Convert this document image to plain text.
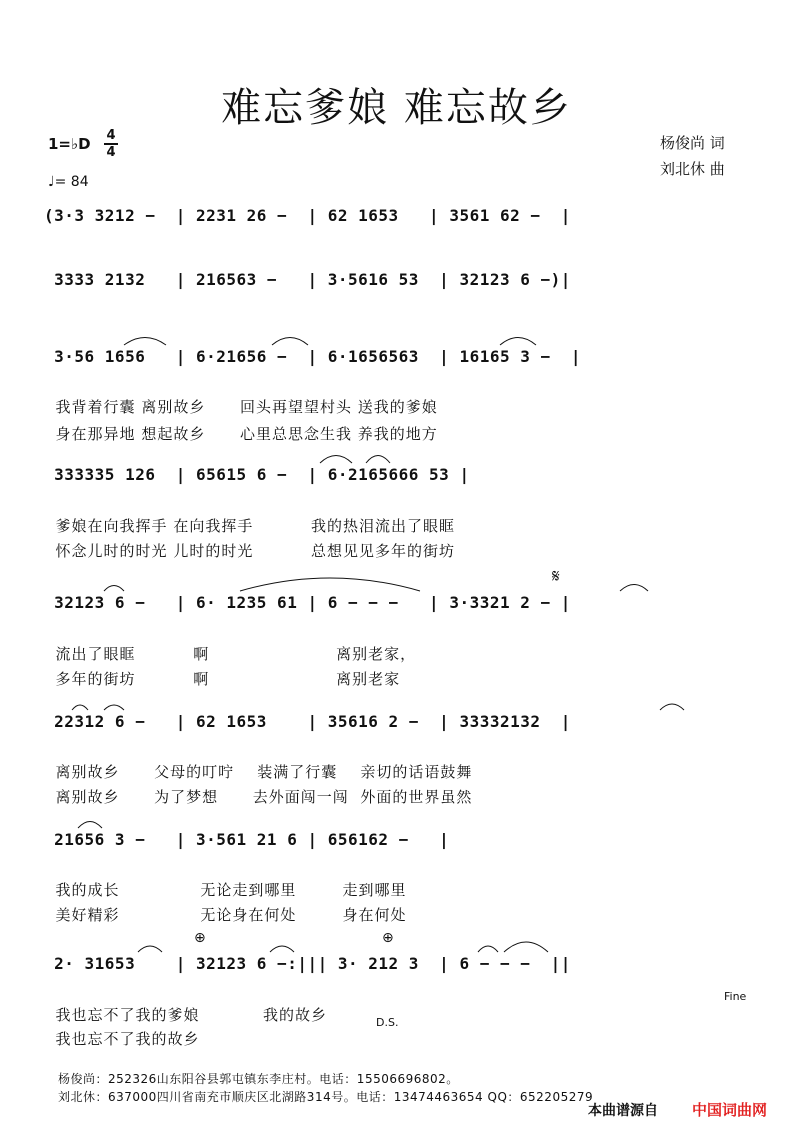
难忘爹娘 难忘故乡
杨俊尚 词
刘北休 曲
1=♭D 4
4
♩= 84
(3·3 3212 −  | 2231 26 −  | 62 1653   | 3561 62 −  |
3333 2132   | 216563 −   | 3·5616 53  | 32123 6 −)|
3·56 1656   | 6·21656 −  | 6·1656563  | 16165 3 −  |

我背着行囊 离别故乡 回头再望望村头 送我的爹娘

身在那异地 想起故乡 心里总思念生我 养我的地方

333335 126  | 65615 6 −  | 6·2165666 53 |

爹娘在向我挥手 在向我挥手	我的热泪流出了眼眶

怀念儿时的时光 儿时的时光	总想见见多年的街坊

32123 6 −   | 6· 1235 61 | 6 − − −   | 3·3321 2 − |
𝄋

流出了眼眶	啊	离别老家，

多年的街坊	啊	离别老家

22312 6 −   | 62 1653    | 35616 2 −  | 33332132  |

离别故乡 父母的叮咛 装满了行囊 亲切的话语鼓舞

离别故乡 为了梦想 去外面闯一闯 外面的世界虽然

21656 3 −   | 3·561 21 6 | 656162 −   |

我的成长	无论走到哪里	走到哪里

美好精彩	无论身在何处	身在何处

2· 31653    | 32123 6 −:||| 3· 212 3  | 6 − − −  ||
⊕	⊕

我也忘不了我的爹娘	我的故乡

Fine

我也忘不了我的故乡

D.S.
杨俊尚：252326山东阳谷县郭屯镇东李庄村。电话：15506696802。
刘北休：637000四川省南充市顺庆区北湖路314号。电话：13474463654 QQ：652205279
本曲谱源自 中国词曲网
